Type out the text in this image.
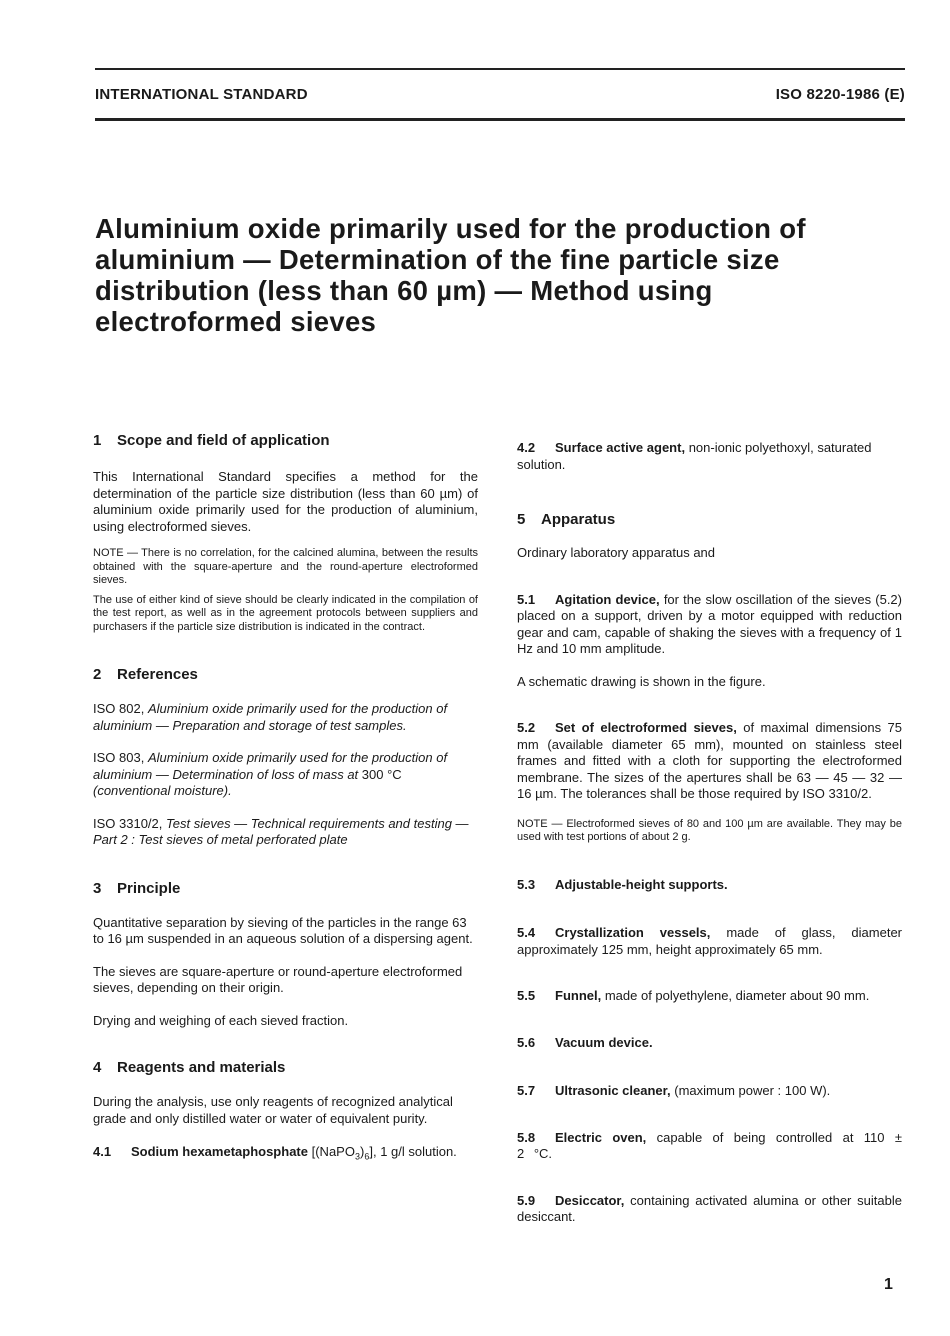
INTERNATIONAL STANDARD	ISO 8220-1986 (E)
Aluminium oxide primarily used for the production of aluminium — Determination of the fine particle size distribution (less than 60 µm) — Method using electroformed sieves
1 Scope and field of application

This International Standard specifies a method for the determination of the particle size distribution (less than 60 µm) of aluminium oxide primarily used for the production of aluminium, using electroformed sieves.

NOTE — There is no correlation, for the calcined alumina, between the results obtained with the square-aperture and the round-aperture electroformed sieves.

The use of either kind of sieve should be clearly indicated in the compilation of the test report, as well as in the agreement protocols between suppliers and purchasers if the particle size distribution is indicated in the contract.

2 References

ISO 802, Aluminium oxide primarily used for the production of aluminium — Preparation and storage of test samples.

ISO 803, Aluminium oxide primarily used for the production of aluminium — Determination of loss of mass at 300 °C (conventional moisture).

ISO 3310/2, Test sieves — Technical requirements and testing — Part 2 : Test sieves of metal perforated plate

3 Principle

Quantitative separation by sieving of the particles in the range 63 to 16 µm suspended in an aqueous solution of a dispersing agent.

The sieves are square-aperture or round-aperture electroformed sieves, depending on their origin.

Drying and weighing of each sieved fraction.

4 Reagents and materials

During the analysis, use only reagents of recognized analytical grade and only distilled water or water of equivalent purity.

4.1 Sodium hexametaphosphate $[(NaPO_3)_6]$, 1 g/l solution.

4.2 Surface active agent, non-ionic polyethoxyl, saturated solution.

5 Apparatus

Ordinary laboratory apparatus and

5.1 Agitation device, for the slow oscillation of the sieves (5.2) placed on a support, driven by a motor equipped with reduction gear and cam, capable of shaking the sieves with a frequency of 1 Hz and 10 mm amplitude.

A schematic drawing is shown in the figure.

5.2 Set of electroformed sieves, of maximal dimensions 75 mm (available diameter 65 mm), mounted on stainless steel frames and fitted with a cloth for supporting the electroformed membrane. The sizes of the apertures shall be 63 — 45 — 32 — 16 µm. The tolerances shall be those required by ISO 3310/2.

NOTE — Electroformed sieves of 80 and 100 µm are available. They may be used with test portions of about 2 g.

5.3 Adjustable-height supports.

5.4 Crystallization vessels, made of glass, diameter approximately 125 mm, height approximately 65 mm.

5.5 Funnel, made of polyethylene, diameter about 90 mm.

5.6 Vacuum device.

5.7 Ultrasonic cleaner, (maximum power : 100 W).

5.8 Electric oven, capable of being controlled at 110 ± 2 °C.

5.9 Desiccator, containing activated alumina or other suitable desiccant.

1
